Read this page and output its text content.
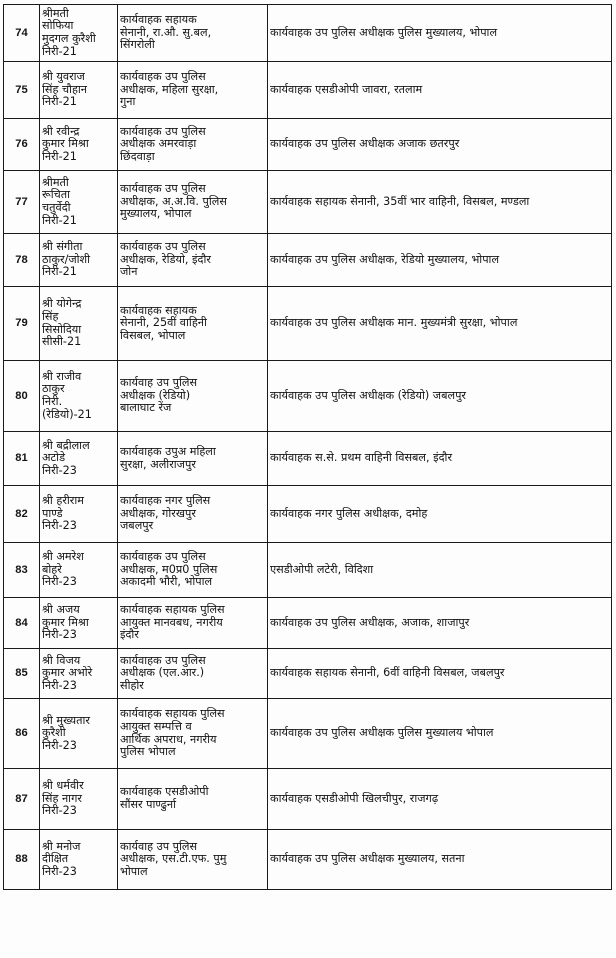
74	श्रीमती
सोफिया
मुदगल कुरैशी
निरी-21	कार्यवाहक सहायक
सेनानी, रा.औ. सु.बल,
सिंगरोली	कार्यवाहक उप पुलिस अधीक्षक पुलिस मुख्यालय, भोपाल
75	श्री युवराज
सिंह चौहान
निरी-21	कार्यवाहक उप पुलिस
अधीक्षक, महिला सुरक्षा,
गुना	कार्यवाहक एसडीओपी जावरा, रतलाम
76	श्री रवीन्द्र
कुमार मिश्रा
निरी-21	कार्यवाहक उप पुलिस
अधीक्षक अमरवाड़ा
छिंदवाड़ा	कार्यवाहक उप पुलिस अधीक्षक अजाक छतरपुर
77	श्रीमती
रूचिता
चतुर्वेदी
निरी-21	कार्यवाहक उप पुलिस
अधीक्षक, अ.अ.वि. पुलिस
मुख्यालय, भोपाल	कार्यवाहक सहायक सेनानी, 35वीं भार वाहिनी, विसबल, मण्डला
78	श्री संगीता
ठाकुर/जोशी
निरी-21	कार्यवाहक उप पुलिस
अधीक्षक, रेडियो, इंदौर
जोन	कार्यवाहक उप पुलिस अधीक्षक, रेडियो मुख्यालय, भोपाल
79	श्री योगेन्द्र
सिंह
सिसोदिया
सीसी-21	कार्यवाहक सहायक
सेनानी, 25वीं वाहिनी
विसबल, भोपाल	कार्यवाहक उप पुलिस अधीक्षक मान. मुख्यमंत्री सुरक्षा, भोपाल
80	श्री राजीव
ठाकुर
निरी.
(रेडियो)-21	कार्यवाह उप पुलिस
अधीक्षक (रेडियो)
बालाघाट रेंज	कार्यवाहक उप पुलिस अधीक्षक (रेडियो) जबलपुर
81	श्री बद्रीलाल
अटोडे
निरी-23	कार्यवाहक उपुअ महिला
सुरक्षा, अलीराजपुर	कार्यवाहक स.से. प्रथम वाहिनी विसबल, इंदौर
82	श्री हरीराम
पाण्डे
निरी-23	कार्यवाहक नगर पुलिस
अधीक्षक, गोरखपुर
जबलपुर	कार्यवाहक नगर पुलिस अधीक्षक, दमोह
83	श्री अमरेश
बोहरे
निरी-23	कार्यवाहक उप पुलिस
अधीक्षक, म0प्र0 पुलिस
अकादमी भौरी, भोपाल	एसडीओपी लटेरी, विदिशा
84	श्री अजय
कुमार मिश्रा
निरी-23	कार्यवाहक सहायक पुलिस
आयुक्त मानवबध, नगरीय
इंदौर	कार्यवाहक उप पुलिस अधीक्षक, अजाक, शाजापुर
85	श्री विजय
कुमार अभोरे
निरी-23	कार्यवाहक उप पुलिस
अधीक्षक (एल.आर.)
सीहोर	कार्यवाहक सहायक सेनानी, 6वीं वाहिनी विसबल, जबलपुर
86	श्री मुख्यतार
कुरैशी
निरी-23	कार्यवाहक सहायक पुलिस
आयुक्त सम्पत्ति व
आर्थिक अपराध, नगरीय
पुलिस भोपाल	कार्यवाहक उप पुलिस अधीक्षक पुलिस मुख्यालय भोपाल
87	श्री धर्मवीर
सिंह नागर
निरी-23	कार्यवाहक एसडीओपी
सौंसर पाण्ढुर्ना	कार्यवाहक एसडीओपी खिलचीपुर, राजगढ़
88	श्री मनोज
दीक्षित
निरी-23	कार्यवाह उप पुलिस
अधीक्षक, एस.टी.एफ. पुमु
भोपाल	कार्यवाहक उप पुलिस अधीक्षक मुख्यालय, सतना
